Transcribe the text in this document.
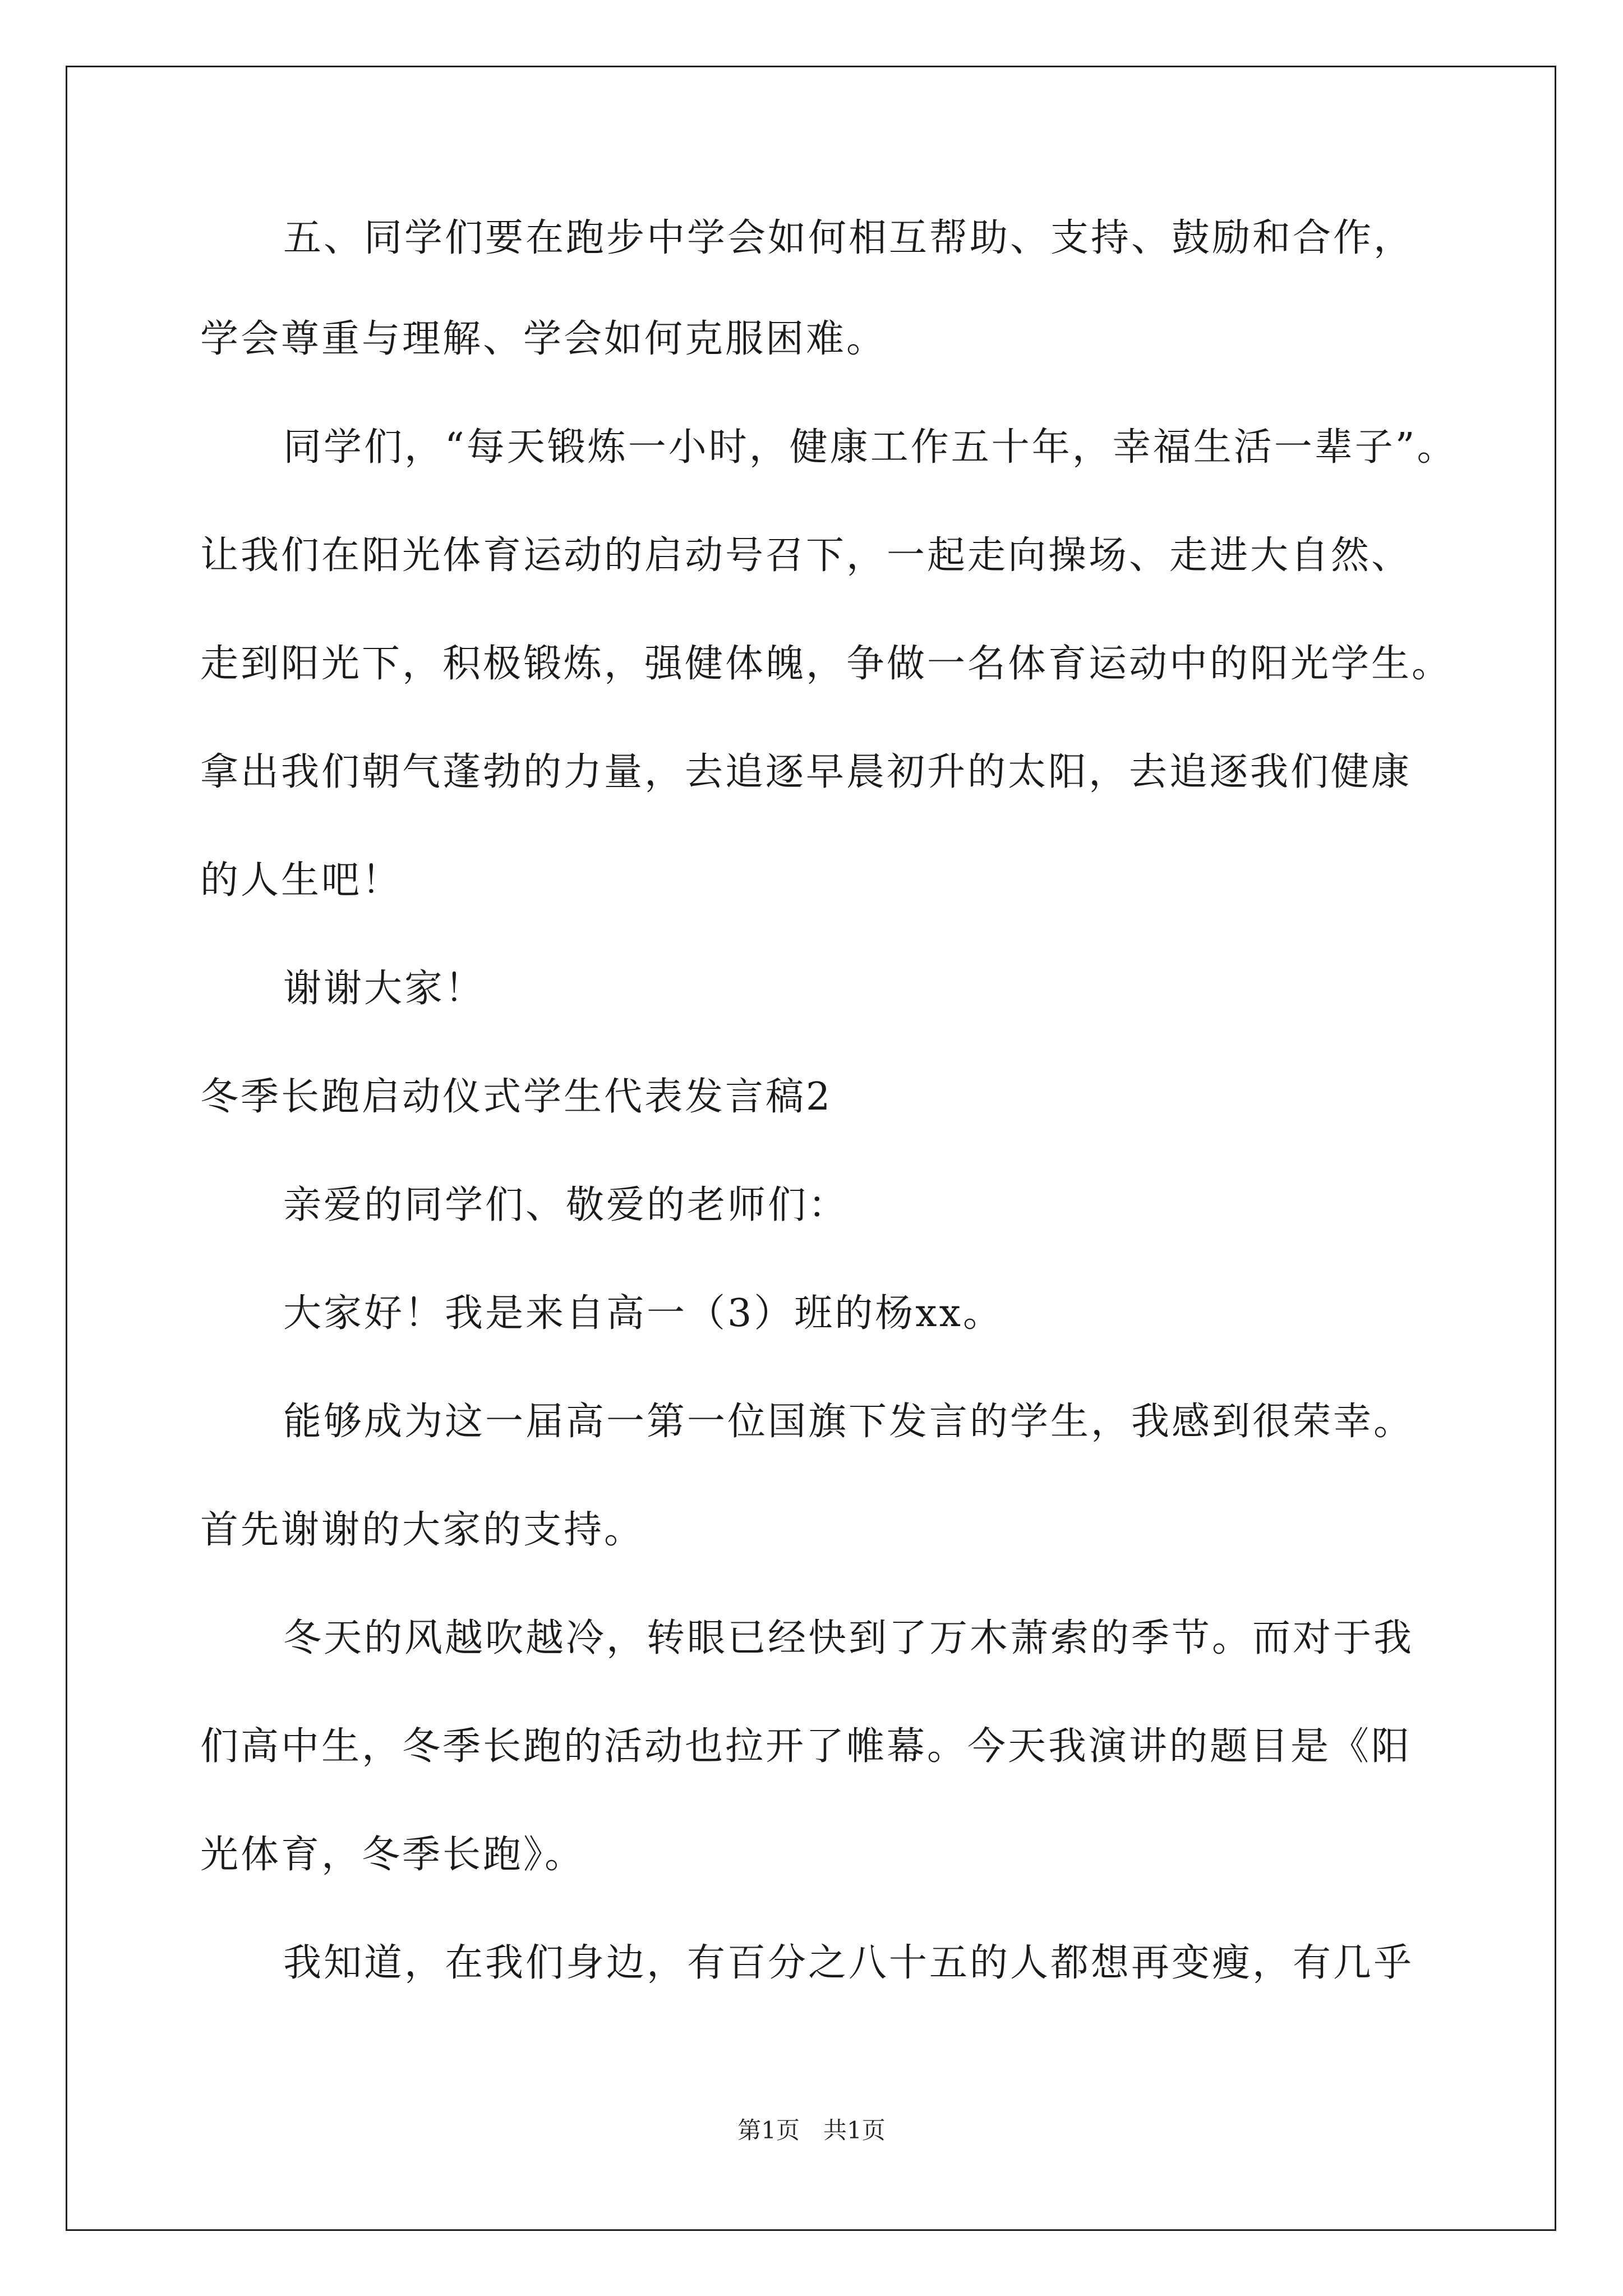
五、同学们要在跑步中学会如何相互帮助、支持、鼓励和合作，
学会尊重与理解、学会如何克服困难。
同学们，“每天锻炼一小时，健康工作五十年，幸福生活一辈子”。
让我们在阳光体育运动的启动号召下，一起走向操场、走进大自然、
走到阳光下，积极锻炼，强健体魄，争做一名体育运动中的阳光学生。
拿出我们朝气蓬勃的力量，去追逐早晨初升的太阳，去追逐我们健康
的人生吧！
谢谢大家！
冬季长跑启动仪式学生代表发言稿2
亲爱的同学们、敬爱的老师们：
大家好！我是来自高一（3）班的杨xx。
能够成为这一届高一第一位国旗下发言的学生，我感到很荣幸。
首先谢谢的大家的支持。
冬天的风越吹越冷，转眼已经快到了万木萧索的季节。而对于我
们高中生，冬季长跑的活动也拉开了帷幕。今天我演讲的题目是《阳
光体育，冬季长跑》。
我知道，在我们身边，有百分之八十五的人都想再变瘦，有几乎
第1页　共1页
